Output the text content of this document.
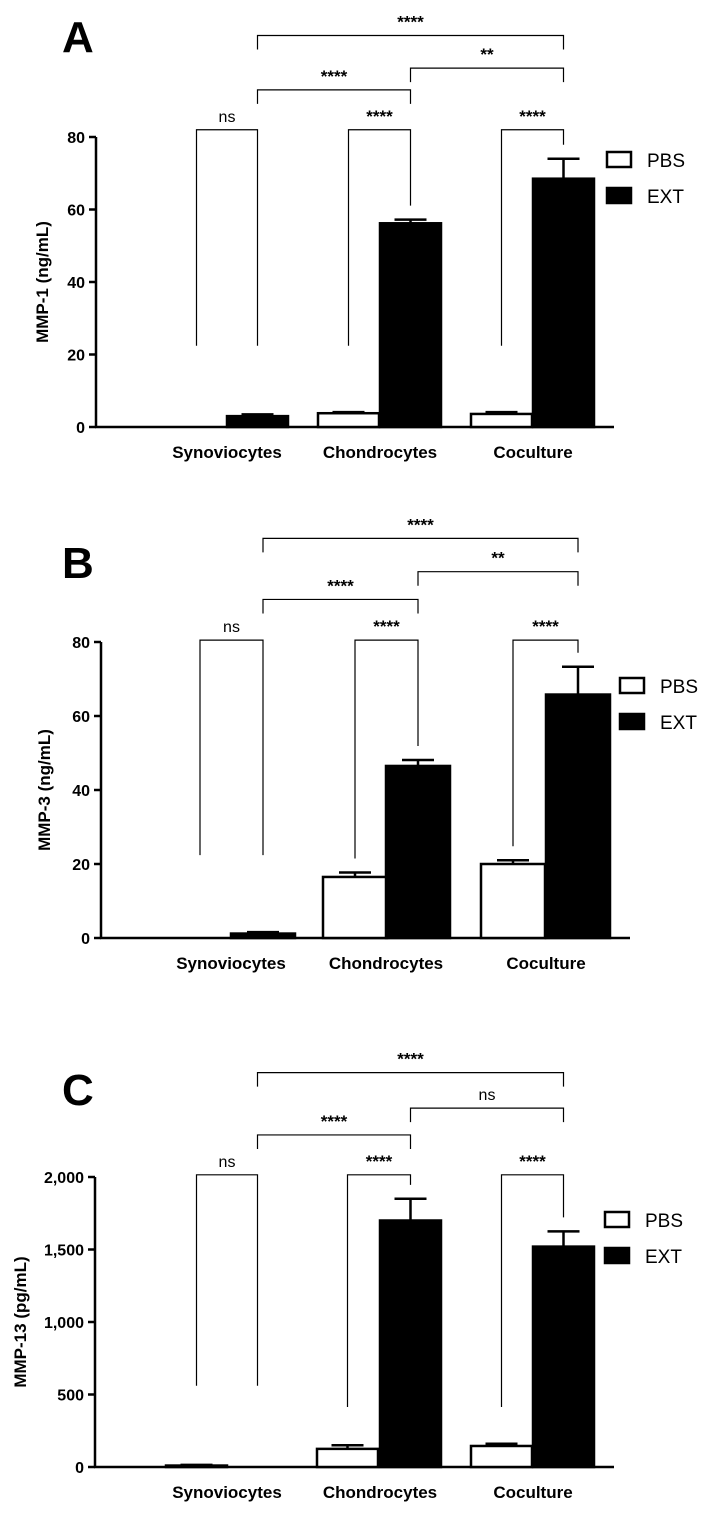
A
0
20
40
60
80
MMP-1 (ng/mL)
Synoviocytes Chondrocytes	Coculture
ns	****	****
****
**
****
PBS
EXT
B
0
20
40
60
80
MMP-3 (ng/mL)
Synoviocytes	Chondrocytes	Coculture
ns	****	****
****
**
****
PBS
EXT
C
0
500
1,000
1,500
2,000
MMP-13 (pg/mL)
Synoviocytes Chondrocytes	Coculture
ns	****	****
****
ns
****
PBS
EXT
